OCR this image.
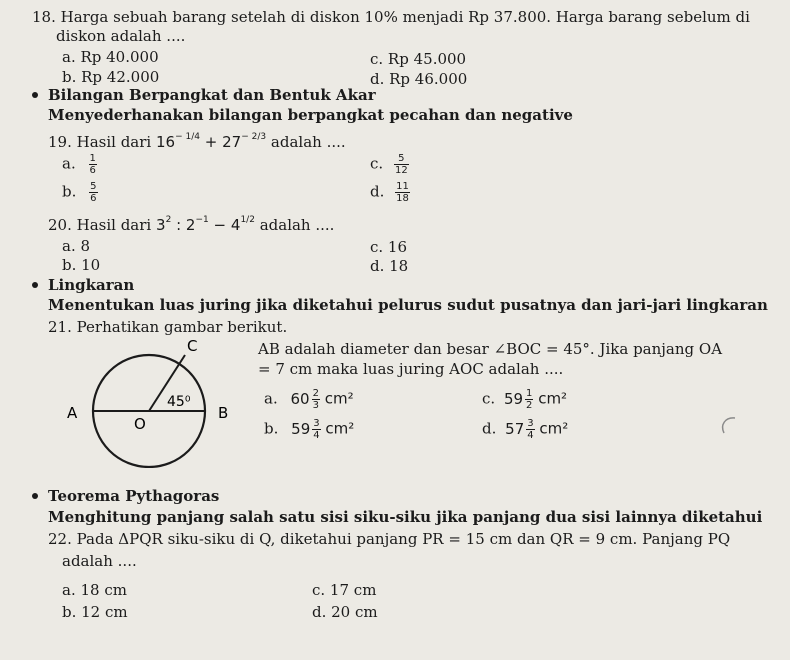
18. Harga sebuah barang setelah di diskon 10% menjadi Rp 37.800. Harga barang sebelum di
diskon adalah ....
a. Rp 40.000	c. Rp 45.000
b. Rp 42.000	d. Rp 46.000
Bilangan Berpangkat dan Bentuk Akar
Menyederhanakan bilangan berpangkat pecahan dan negative
19. Hasil dari $16^{- 1/4} + 27^{- 2/3}$ adalah ....
a. $\frac{1}{6}$	c. $\frac{5}{12}$
b. $\frac{5}{6}$	d. $\frac{11}{18}$
20. Hasil dari $3^2$ : $2^{-1} - 4^{1/2}$ adalah ....
a. 8	c. 16
b. 10	d. 18
Lingkaran
Menentukan luas juring jika diketahui pelurus sudut pusatnya dan jari-jari lingkaran
21. Perhatikan gambar berikut.
C
A
O
B
45⁰
AB adalah diameter dan besar ∠BOC = 45°. Jika panjang OA
= 7 cm maka luas juring AOC adalah ....
a. $60 \frac{2}{3} cm^2$	c. $59 \frac{1}{2} cm^2$
b. $59 \frac{3}{4} cm^2$	d. $57 \frac{3}{4} cm^2$
Teorema Pythagoras
Menghitung panjang salah satu sisi siku-siku jika panjang dua sisi lainnya diketahui
22. Pada ΔPQR siku-siku di Q, diketahui panjang PR = 15 cm dan QR = 9 cm. Panjang PQ
adalah ....
a. 18 cm	c. 17 cm
b. 12 cm	d. 20 cm
